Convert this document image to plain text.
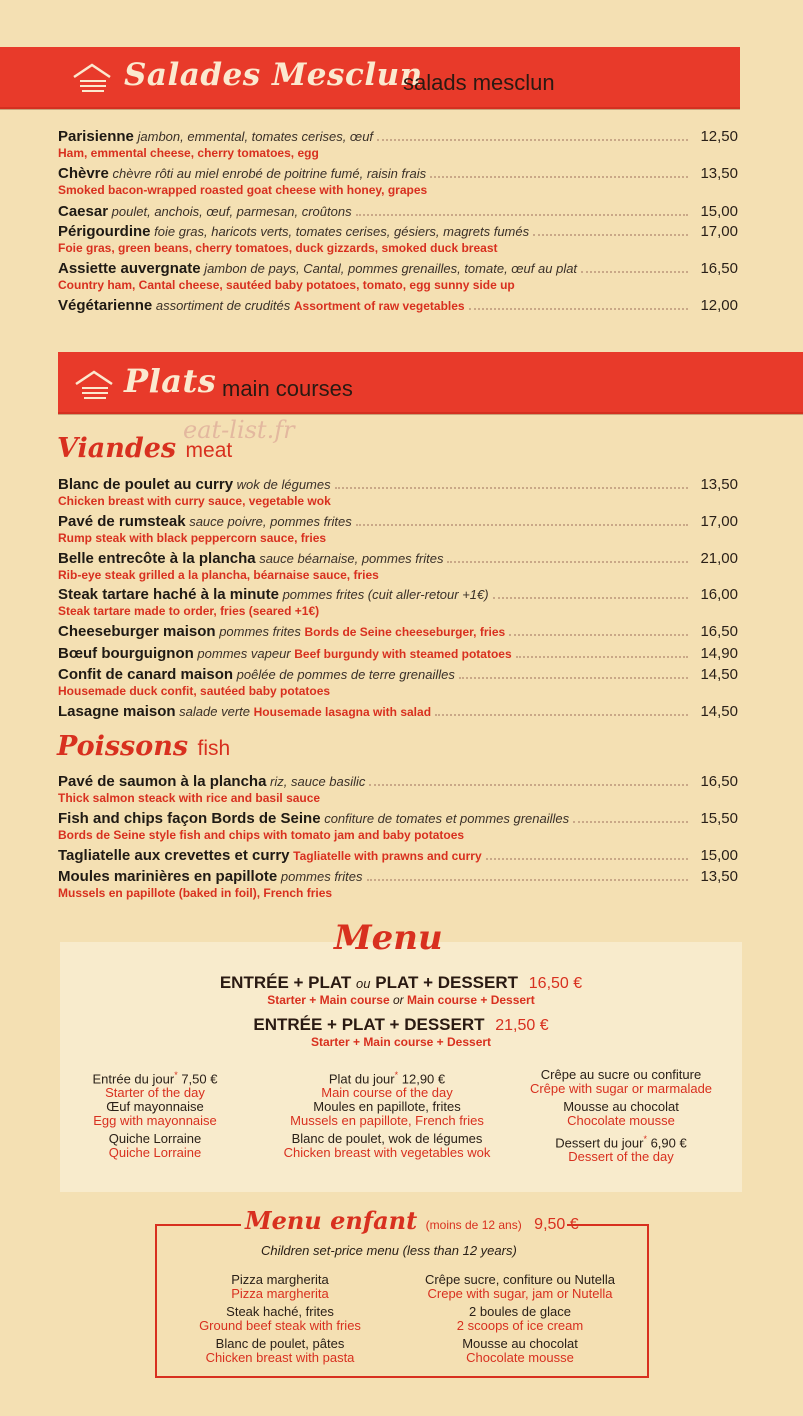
Salades Mesclun
salads mesclun
Parisienne jambon, emmental, tomates cerises, œuf	12,50
Ham, emmental cheese, cherry tomatoes, egg
Chèvre chèvre rôti au miel enrobé de poitrine fumé, raisin frais	13,50
Smoked bacon-wrapped roasted goat cheese with honey, grapes
Caesar poulet, anchois, œuf, parmesan, croûtons	15,00
Périgourdine foie gras, haricots verts, tomates cerises, gésiers, magrets fumés	17,00
Foie gras, green beans, cherry tomatoes, duck gizzards, smoked duck breast
Assiette auvergnate jambon de pays, Cantal, pommes grenailles, tomate, œuf au plat	16,50
Country ham, Cantal cheese, sautéed baby potatoes, tomato, egg sunny side up
Végétarienne assortiment de crudités Assortment of raw vegetables	12,00
Plats main courses
eat-list.fr
Viandes meat
Blanc de poulet au curry wok de légumes	13,50
Chicken breast with curry sauce, vegetable wok
Pavé de rumsteak sauce poivre, pommes frites	17,00
Rump steak with black peppercorn sauce, fries
Belle entrecôte à la plancha sauce béarnaise, pommes frites	21,00
Rib-eye steak grilled a la plancha, béarnaise sauce, fries
Steak tartare haché à la minute pommes frites (cuit aller-retour +1€)	16,00
Steak tartare made to order, fries (seared +1€)
Cheeseburger maison pommes frites Bords de Seine cheeseburger, fries	16,50
Bœuf bourguignon pommes vapeur Beef burgundy with steamed potatoes	14,90
Confit de canard maison poêlée de pommes de terre grenailles	14,50
Housemade duck confit, sautéed baby potatoes
Lasagne maison salade verte Housemade lasagna with salad	14,50
Poissons fish
Pavé de saumon à la plancha riz, sauce basilic	16,50
Thick salmon steack with rice and basil sauce
Fish and chips façon Bords de Seine confiture de tomates et pommes grenailles	15,50
Bords de Seine style fish and chips with tomato jam and baby potatoes
Tagliatelle aux crevettes et curry Tagliatelle with prawns and curry	15,00
Moules marinières en papillote pommes frites	13,50
Mussels en papillote (baked in foil), French fries
Menu
ENTRÉE + PLAT ou PLAT + DESSERT 16,50 €
Starter + Main course or Main course + Dessert
ENTRÉE + PLAT + DESSERT 21,50 €
Starter + Main course + Dessert
Entrée du jour* 7,50 €
Starter of the day
Œuf mayonnaise
Egg with mayonnaise
Quiche Lorraine
Quiche Lorraine
Plat du jour* 12,90 €
Main course of the day
Moules en papillote, frites
Mussels en papillote, French fries
Blanc de poulet, wok de légumes
Chicken breast with vegetables wok
Crêpe au sucre ou confiture
Crêpe with sugar or marmalade
Mousse au chocolat
Chocolate mousse
Dessert du jour* 6,90 €
Dessert of the day
Menu enfant (moins de 12 ans) 9,50 €
Children set-price menu (less than 12 years)
Pizza margherita
Pizza margherita
Steak haché, frites
Ground beef steak with fries
Blanc de poulet, pâtes
Chicken breast with pasta
Crêpe sucre, confiture ou Nutella
Crepe with sugar, jam or Nutella
2 boules de glace
2 scoops of ice cream
Mousse au chocolat
Chocolate mousse
